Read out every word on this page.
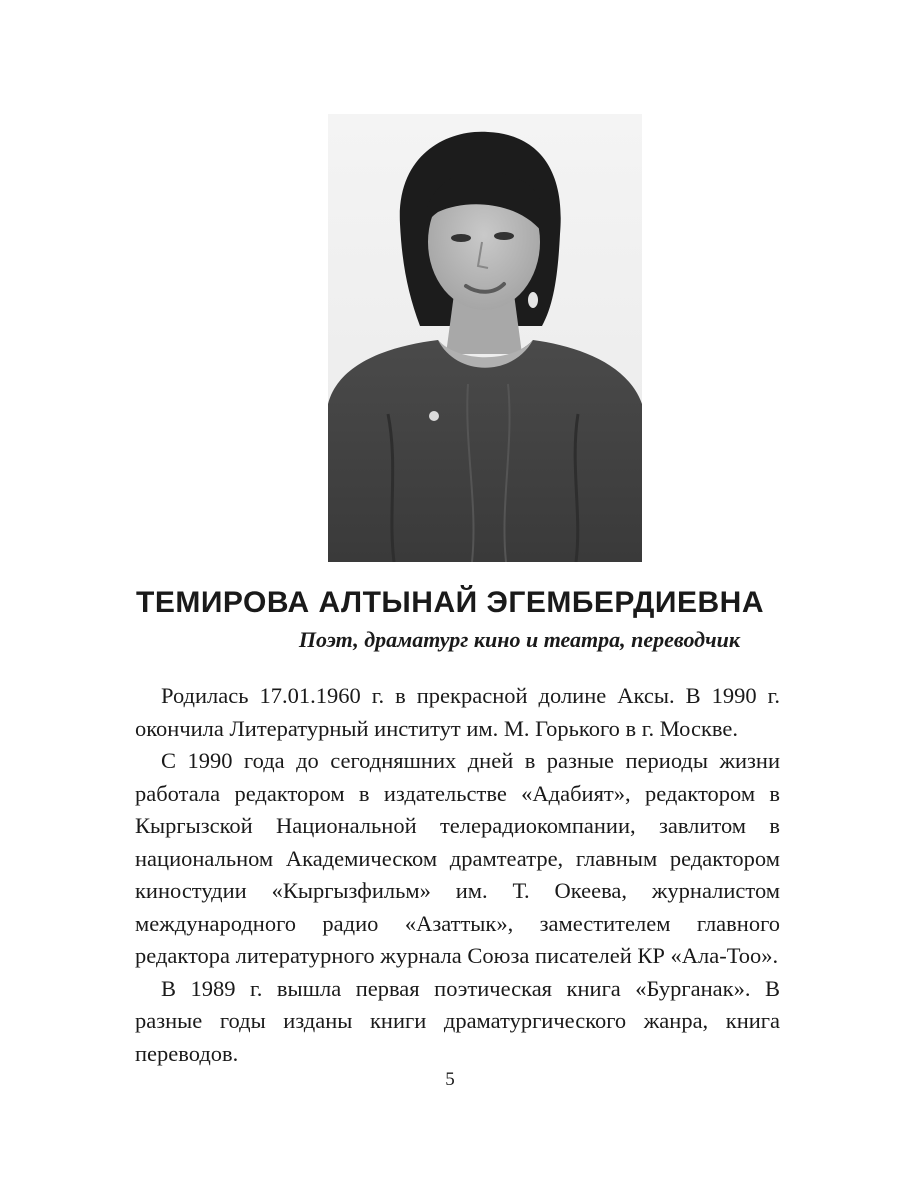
ТЕМИРОВА АЛТЫНАЙ ЭГЕМБЕРДИЕВНА

Поэт, драматург кино и театра, переводчик

Родилась 17.01.1960 г. в прекрасной долине Аксы. В 1990 г. окончила Литературный институт им. М. Горького в г. Москве.

С 1990 года до сегодняшних дней в разные периоды жизни работала редактором в издательстве «Адабият», редактором в Кыргызской Национальной телерадиокомпании, завлитом в национальном Академическом драмтеатре, главным редактором киностудии «Кыргызфильм» им. Т. Океева, журналистом международного радио «Азаттык», заместителем главного редактора литературного журнала Союза писателей КР «Ала-Тоо».

В 1989 г. вышла первая поэтическая книга «Бурганак». В разные годы изданы книги драматургического жанра, книга переводов.

5
